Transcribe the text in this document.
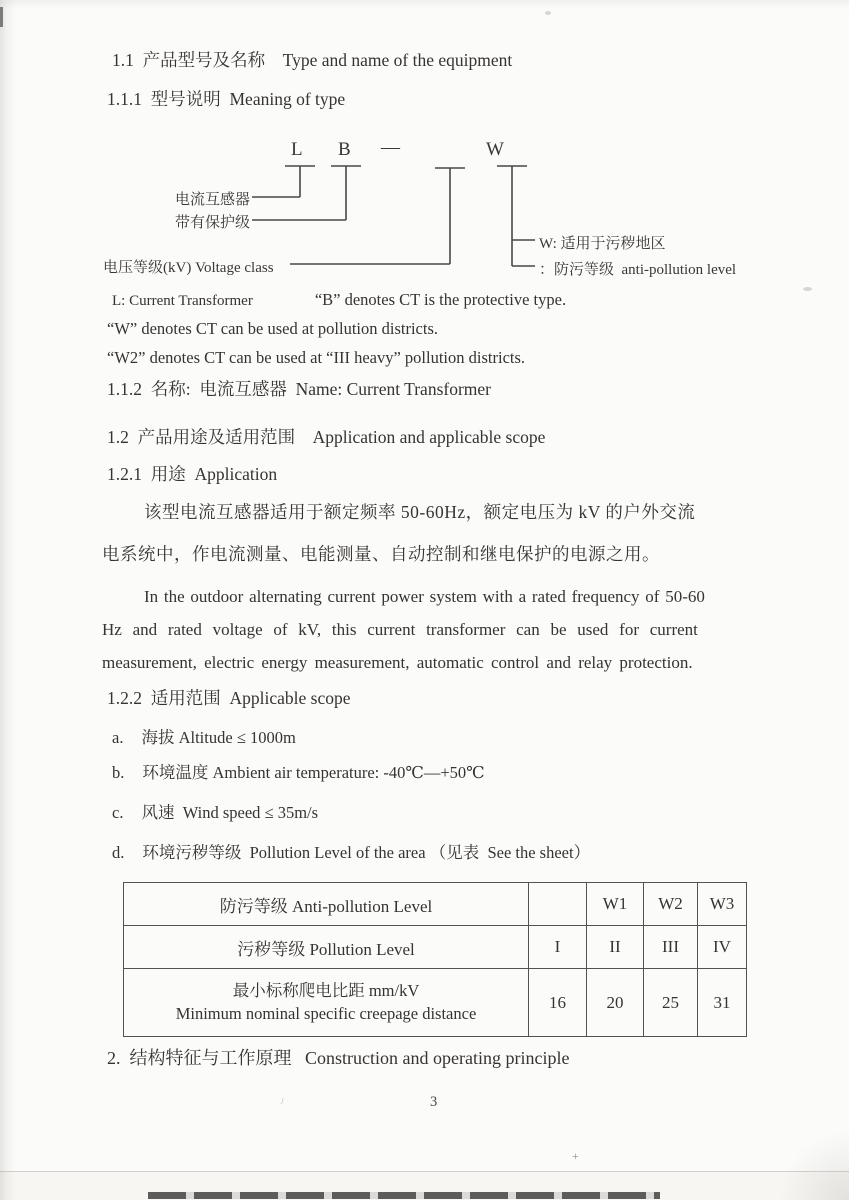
1.1  产品型号及名称    Type and name of the equipment
1.1.1  型号说明  Meaning of type
L B —	W
电流互感器
带有保护级
电压等级(kV) Voltage class
W: 适用于污秽地区
：防污等级  anti-pollution level
L: Current Transformer	“B” denotes CT is the protective type.
“W” denotes CT can be used at pollution districts.
“W2” denotes CT can be used at “III heavy” pollution districts.
1.1.2  名称:  电流互感器  Name: Current Transformer
1.2  产品用途及适用范围    Application and applicable scope
1.2.1  用途  Application
该型电流互感器适用于额定频率 50-60Hz，额定电压为 kV 的户外交流
电系统中，作电流测量、电能测量、自动控制和继电保护的电源之用。
In the outdoor alternating current power system with a rated frequency of 50-60
Hz and rated voltage of kV, this current transformer can be used for current
measurement, electric energy measurement, automatic control and relay protection.
1.2.2  适用范围  Applicable scope
a. 海拔 Altitude ≤ 1000m
b. 环境温度 Ambient air temperature: -40℃—+50℃
c. 风速  Wind speed ≤ 35m/s
d. 环境污秽等级  Pollution Level of the area （见表  See the sheet）
防污等级 Anti-pollution Level		W1	W2	W3
污秽等级 Pollution Level	I	II	III	IV

最小标称爬电比距 mm/kV
Minimum nominal specific creepage distance	16	20	25	31
2.  结构特征与工作原理   Construction and operating principle
3
+
ʲ
